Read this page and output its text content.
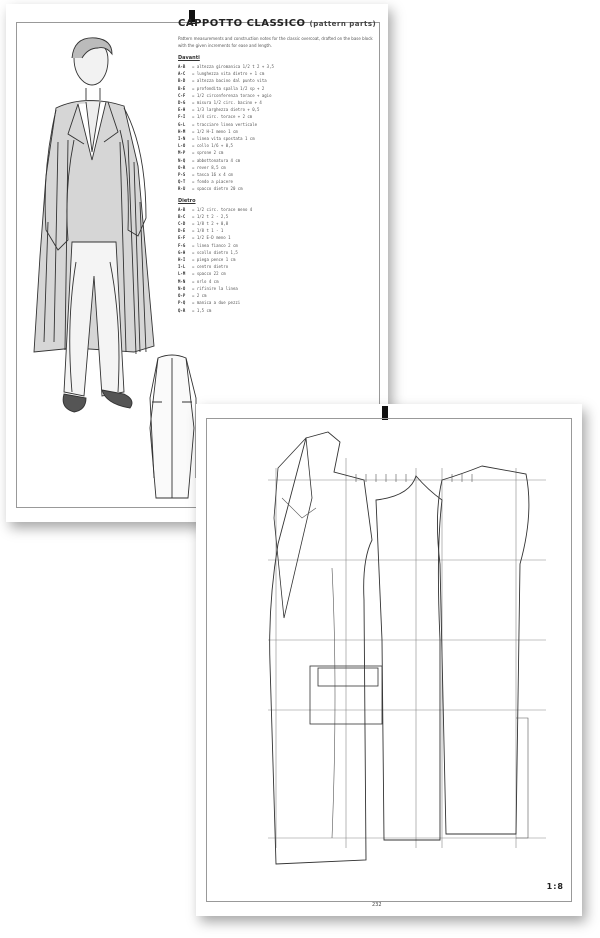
CAPPOTTO CLASSICO (pattern parts)

Pattern measurements and construction notes for the classic overcoat, drafted on the base block with the given increments for ease and length.

Davanti
A-B = altezza giromanica 1/2 t 2 + 3,5
A-C = lunghezza vita dietro + 1 cm
B-D = altezza bacino dal punto vita
B-E = profondita spalla 1/2 sp + 2
C-F = 1/2 circonferenza torace + agio
D-G = misura 1/2 circ. bacino + 4
E-H = 1/3 larghezza dietro + 0,5
F-I = 1/4 circ. torace + 2 cm
G-L = tracciare linea verticale
H-M = 1/2 H-I meno 1 cm
I-N = linea vita spostata 1 cm
L-O = collo 1/6 + 0,5
M-P = sprone 2 cm
N-Q = abbottonatura 4 cm
O-R = rever 8,5 cm
P-S = tasca 16 x 4 cm
Q-T = fondo a piacere
R-U = spacco dietro 20 cm
Dietro
A-B = 1/2 circ. torace meno 4
B-C = 1/2 t 2 - 2,5
C-D = 1/8 t 2 + 0,8
D-E = 1/8 t 1 - 1
E-F = 1/2 E-D meno 1
F-G = linea fianco 2 cm
G-H = scollo dietro 1,5
H-I = piega pence 1 cm
I-L = centro dietro
L-M = spacco 22 cm
M-N = orlo 4 cm
N-O = rifinire la linea
O-P = 2 cm
P-Q = manica a due pezzi
Q-R = 1,5 cm
1:8
232
